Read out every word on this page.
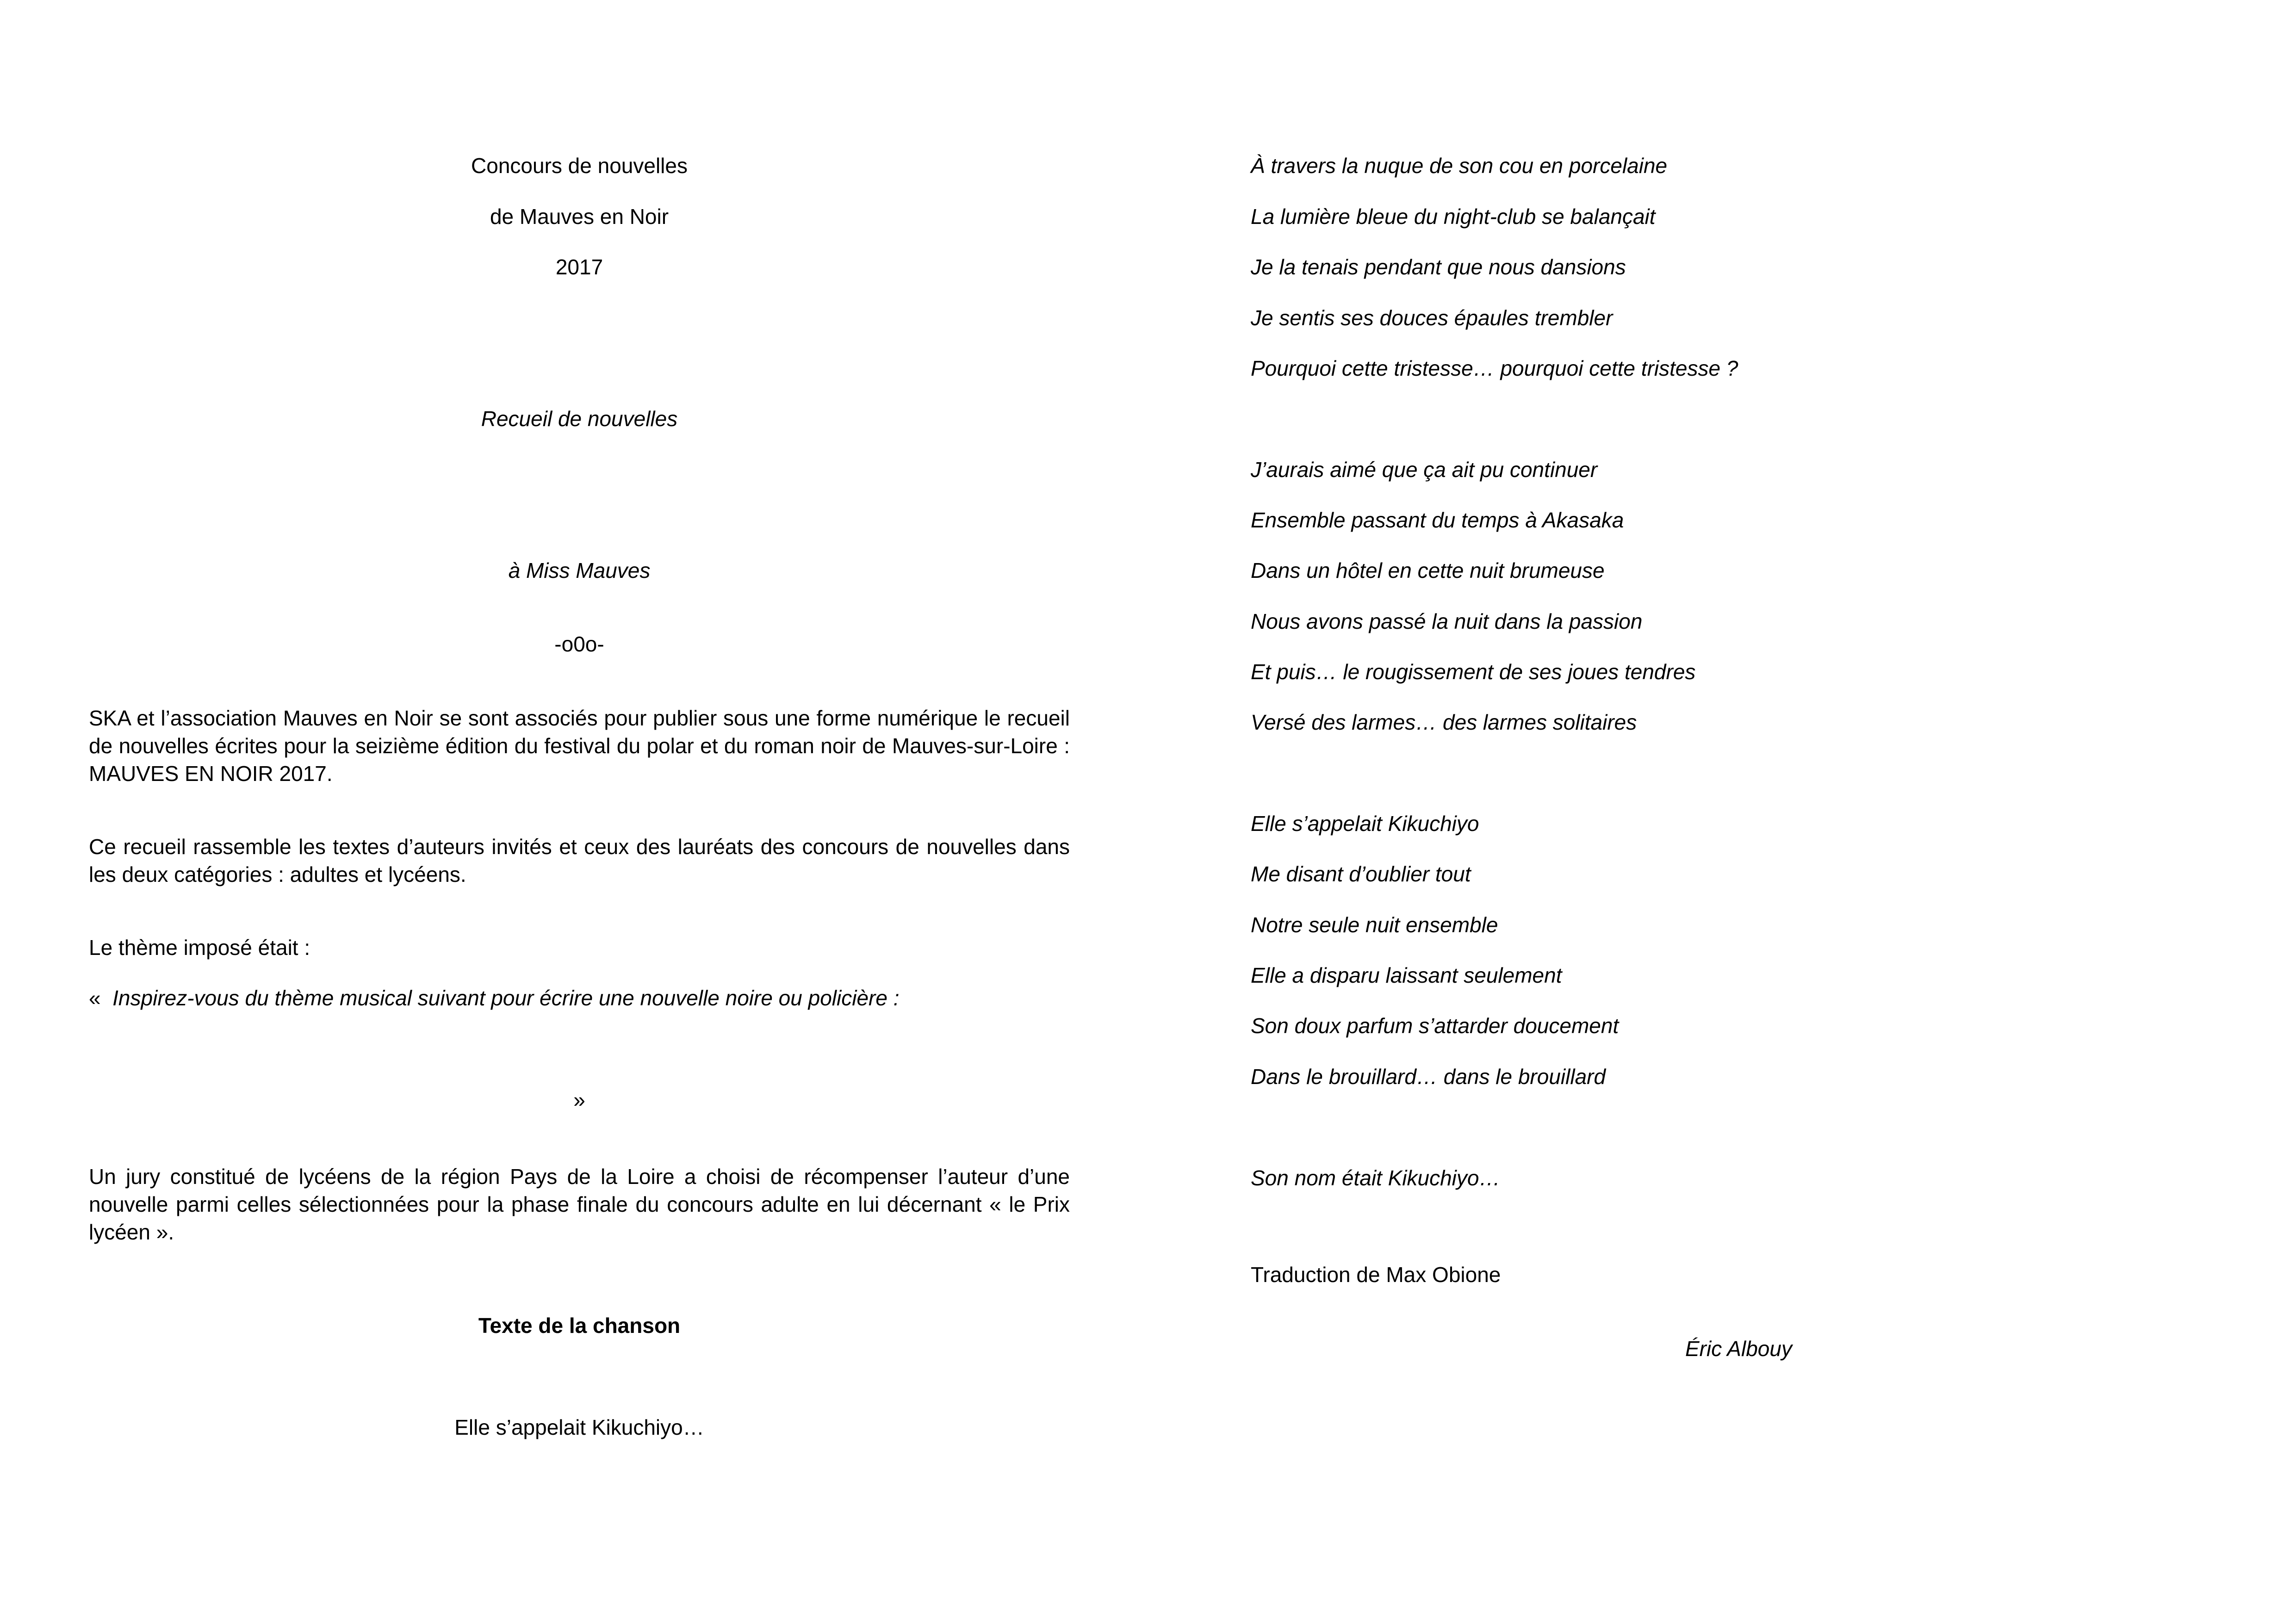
Concours de nouvelles
de Mauves en Noir
2017
Recueil de nouvelles
à Miss Mauves
-o0o-
SKA et l’association Mauves en Noir se sont associés pour publier sous une forme numérique le recueil de nouvelles écrites pour la seizième édition du festival du polar et du roman noir de Mauves-sur-Loire : MAUVES EN NOIR 2017.
Ce recueil rassemble les textes d’auteurs invités et ceux des lauréats des concours de nouvelles dans les deux catégories : adultes et lycéens.
Le thème imposé était :
« Inspirez-vous du thème musical suivant pour écrire une nouvelle noire ou policière :
»
Un jury constitué de lycéens de la région Pays de la Loire a choisi de récompenser l’auteur d’une nouvelle parmi celles sélectionnées pour la phase finale du concours adulte en lui décernant « le Prix lycéen ».
Texte de la chanson
Elle s’appelait Kikuchiyo…
À travers la nuque de son cou en porcelaine
La lumière bleue du night-club se balançait
Je la tenais pendant que nous dansions
Je sentis ses douces épaules trembler
Pourquoi cette tristesse… pourquoi cette tristesse ?
J’aurais aimé que ça ait pu continuer
Ensemble passant du temps à Akasaka
Dans un hôtel en cette nuit brumeuse
Nous avons passé la nuit dans la passion
Et puis… le rougissement de ses joues tendres
Versé des larmes… des larmes solitaires
Elle s’appelait Kikuchiyo
Me disant d’oublier tout
Notre seule nuit ensemble
Elle a disparu laissant seulement
Son doux parfum s’attarder doucement
Dans le brouillard… dans le brouillard
Son nom était Kikuchiyo…
Traduction de Max Obione
Éric Albouy
